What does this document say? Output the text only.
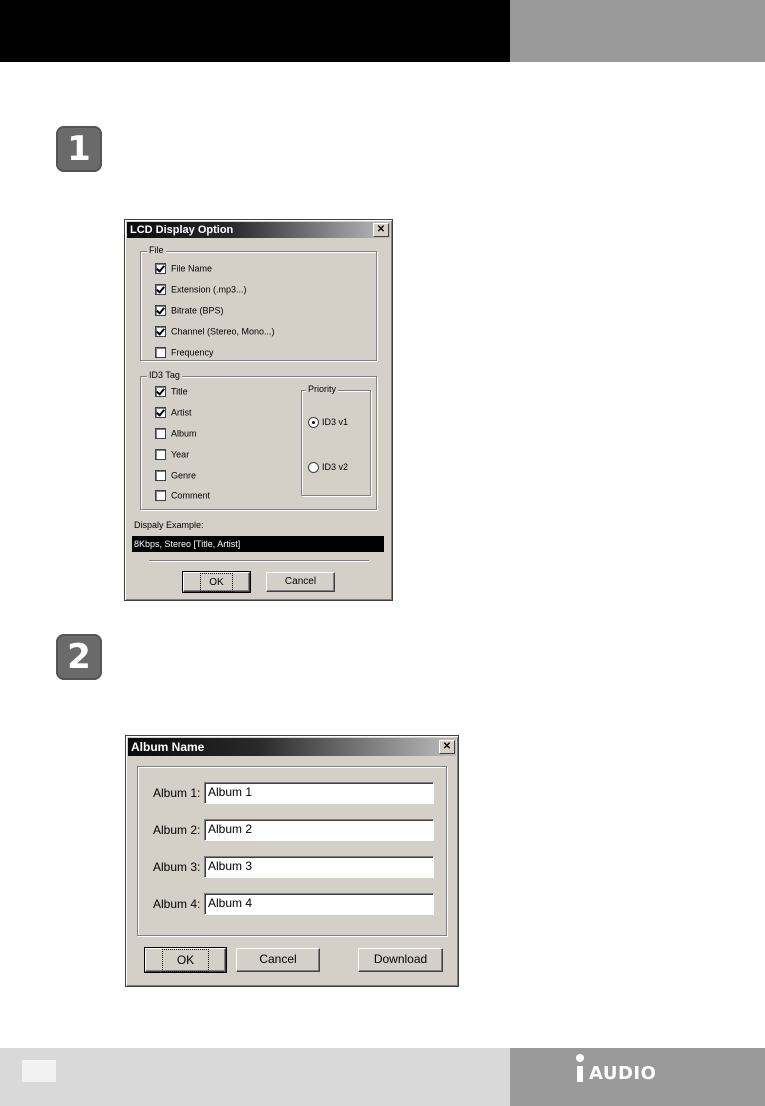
1
LCD Display Option	✕
File
File Name
Extension (.mp3...)
Bitrate (BPS)
Channel (Stereo, Mono...)
Frequency
ID3 Tag
Title
Artist
Album
Year
Genre
Comment
Priority
ID3 v1
ID3 v2
Dispaly Example:
8Kbps, Stereo [Title, Artist]
OK	Cancel
2
Album Name	✕
Album 1: Album 1
Album 2: Album 2
Album 3: Album 3
Album 4: Album 4
OK	Cancel	Download
AUDIO
